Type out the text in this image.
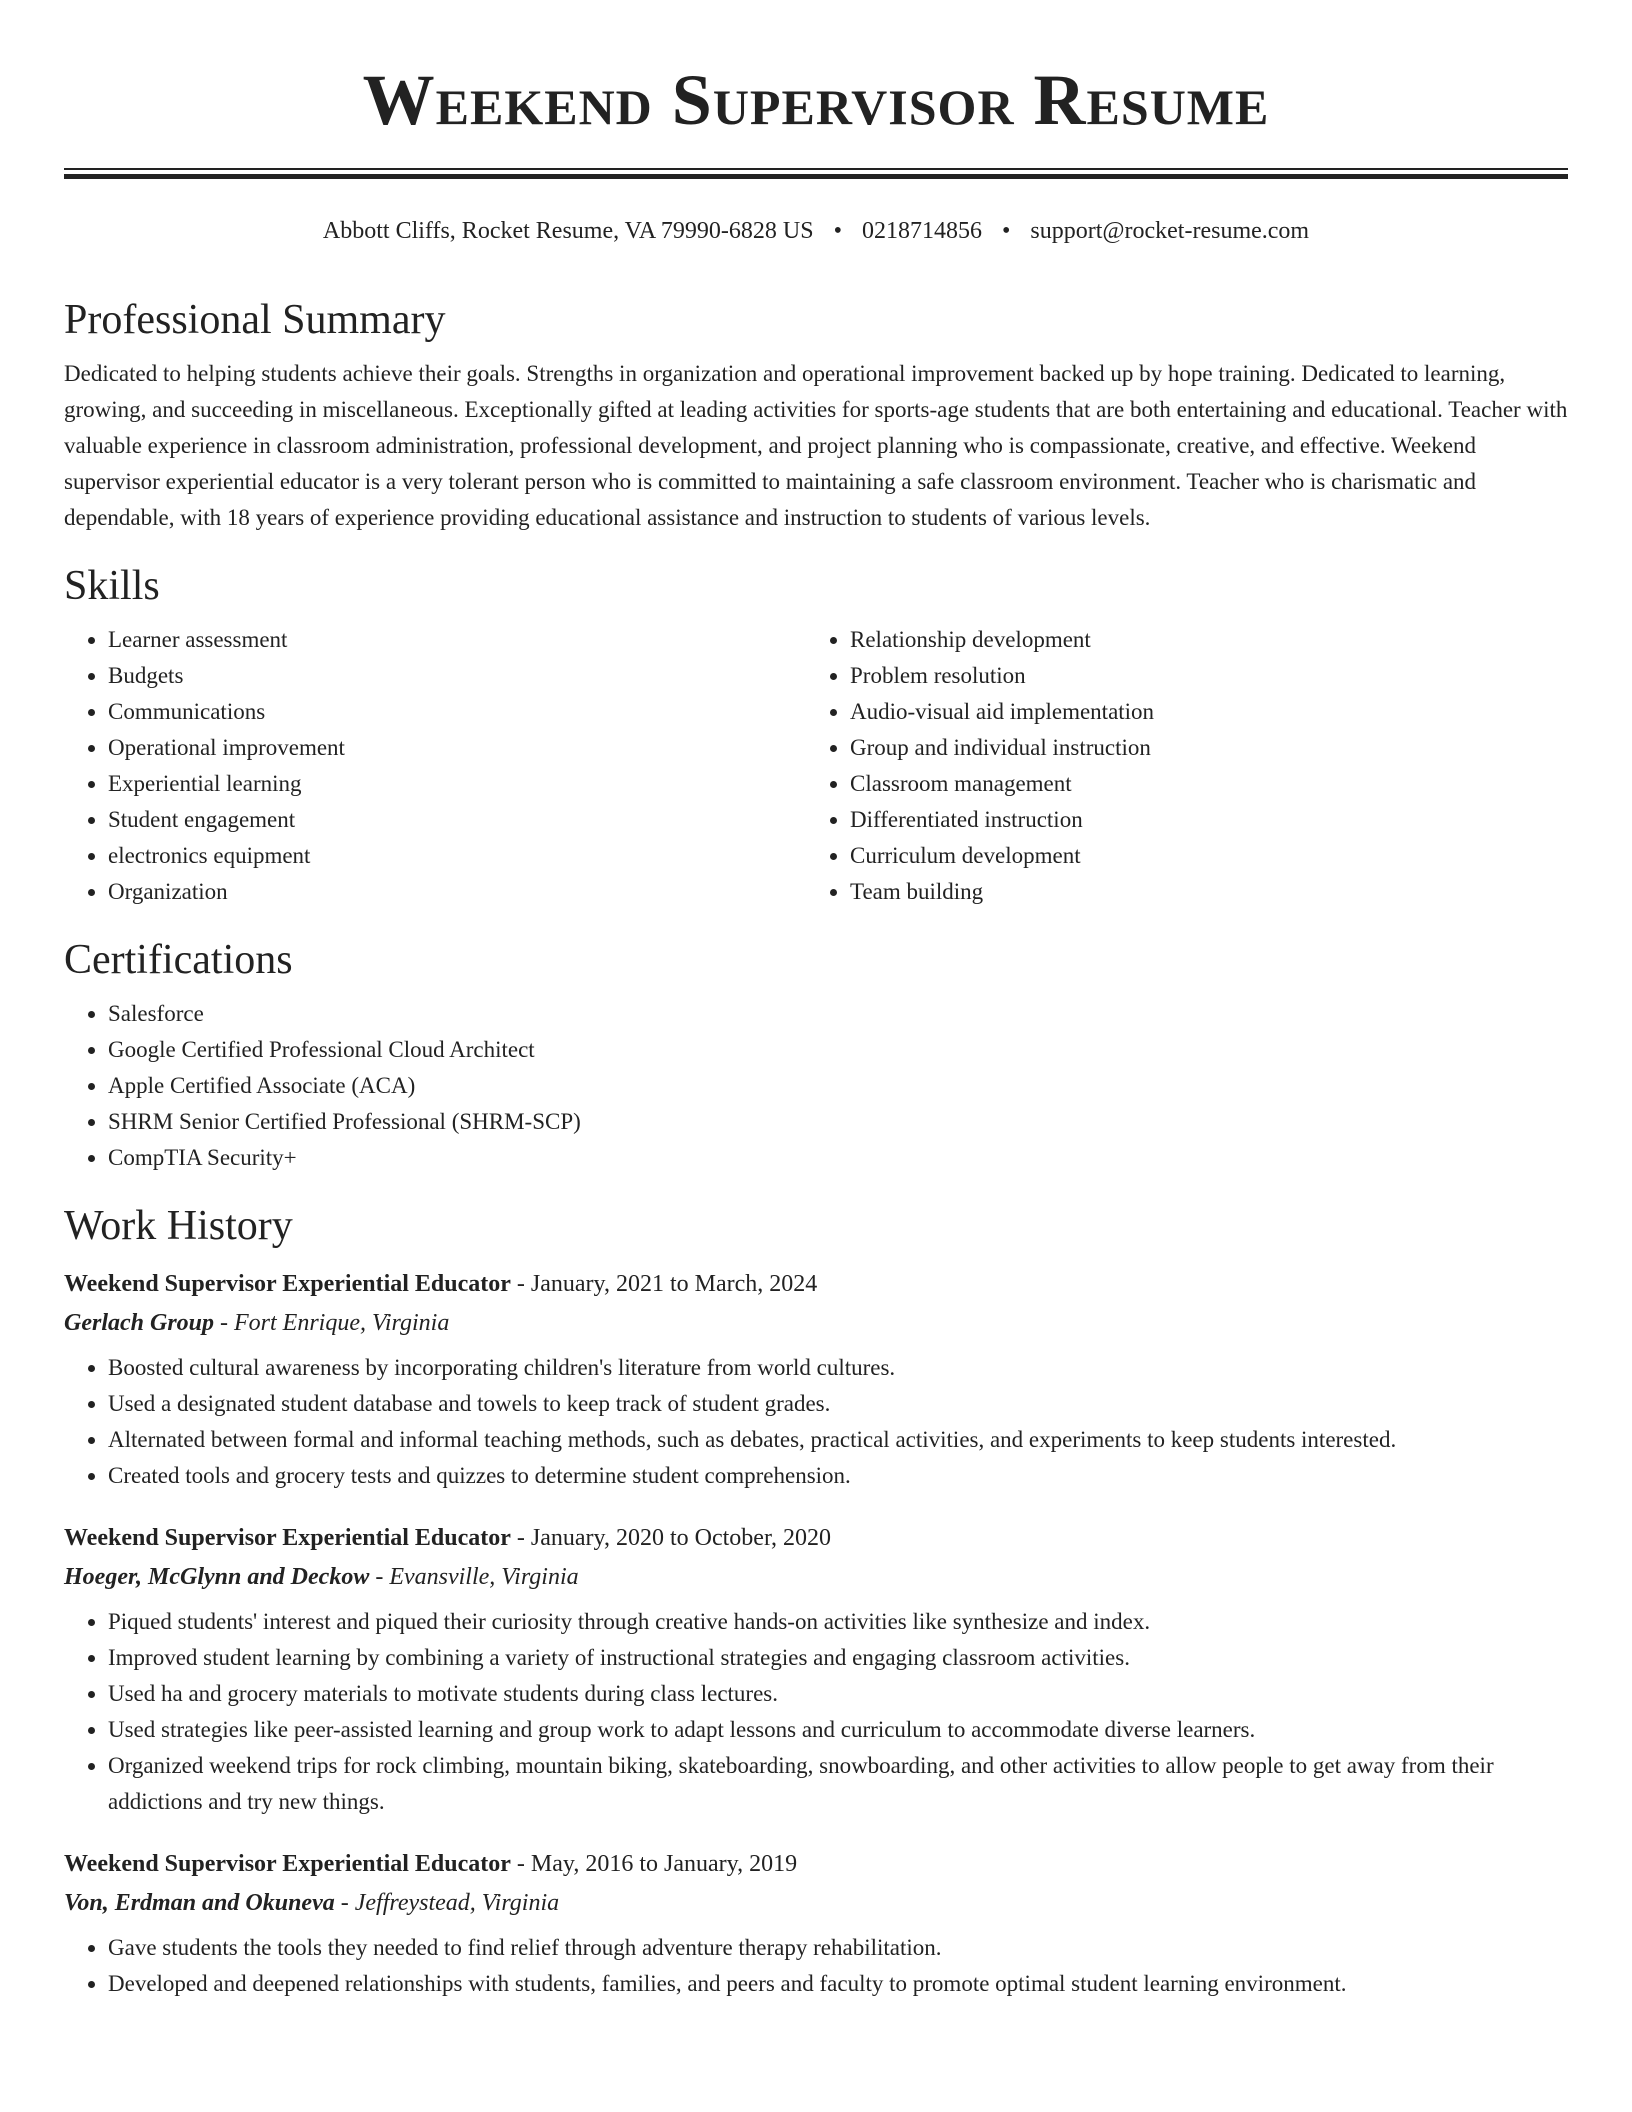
Weekend Supervisor Resume
Abbott Cliffs, Rocket Resume, VA 79990-6828 US • 0218714856 • support@rocket-resume.com
Professional Summary

Dedicated to helping students achieve their goals. Strengths in organization and operational improvement backed up by hope training. Dedicated to learning, growing, and succeeding in miscellaneous. Exceptionally gifted at leading activities for sports-age students that are both entertaining and educational. Teacher with valuable experience in classroom administration, professional development, and project planning who is compassionate, creative, and effective. Weekend supervisor experiential educator is a very tolerant person who is committed to maintaining a safe classroom environment. Teacher who is charismatic and dependable, with 18 years of experience providing educational assistance and instruction to students of various levels.

Skills
• Learner assessment
• Budgets
• Communications
• Operational improvement
• Experiential learning
• Student engagement
• electronics equipment
• Organization
• Relationship development
• Problem resolution
• Audio-visual aid implementation
• Group and individual instruction
• Classroom management
• Differentiated instruction
• Curriculum development
• Team building
Certifications
• Salesforce
• Google Certified Professional Cloud Architect
• Apple Certified Associate (ACA)
• SHRM Senior Certified Professional (SHRM-SCP)
• CompTIA Security+
Work History
Weekend Supervisor Experiential Educator - January, 2021 to March, 2024
Gerlach Group - Fort Enrique, Virginia
• Boosted cultural awareness by incorporating children's literature from world cultures.
• Used a designated student database and towels to keep track of student grades.
• Alternated between formal and informal teaching methods, such as debates, practical activities, and experiments to keep students interested.
• Created tools and grocery tests and quizzes to determine student comprehension.
Weekend Supervisor Experiential Educator - January, 2020 to October, 2020
Hoeger, McGlynn and Deckow - Evansville, Virginia
• Piqued students' interest and piqued their curiosity through creative hands-on activities like synthesize and index.
• Improved student learning by combining a variety of instructional strategies and engaging classroom activities.
• Used ha and grocery materials to motivate students during class lectures.
• Used strategies like peer-assisted learning and group work to adapt lessons and curriculum to accommodate diverse learners.
• Organized weekend trips for rock climbing, mountain biking, skateboarding, snowboarding, and other activities to allow people to get away from their addictions and try new things.
Weekend Supervisor Experiential Educator - May, 2016 to January, 2019
Von, Erdman and Okuneva - Jeffreystead, Virginia
• Gave students the tools they needed to find relief through adventure therapy rehabilitation.
• Developed and deepened relationships with students, families, and peers and faculty to promote optimal student learning environment.
